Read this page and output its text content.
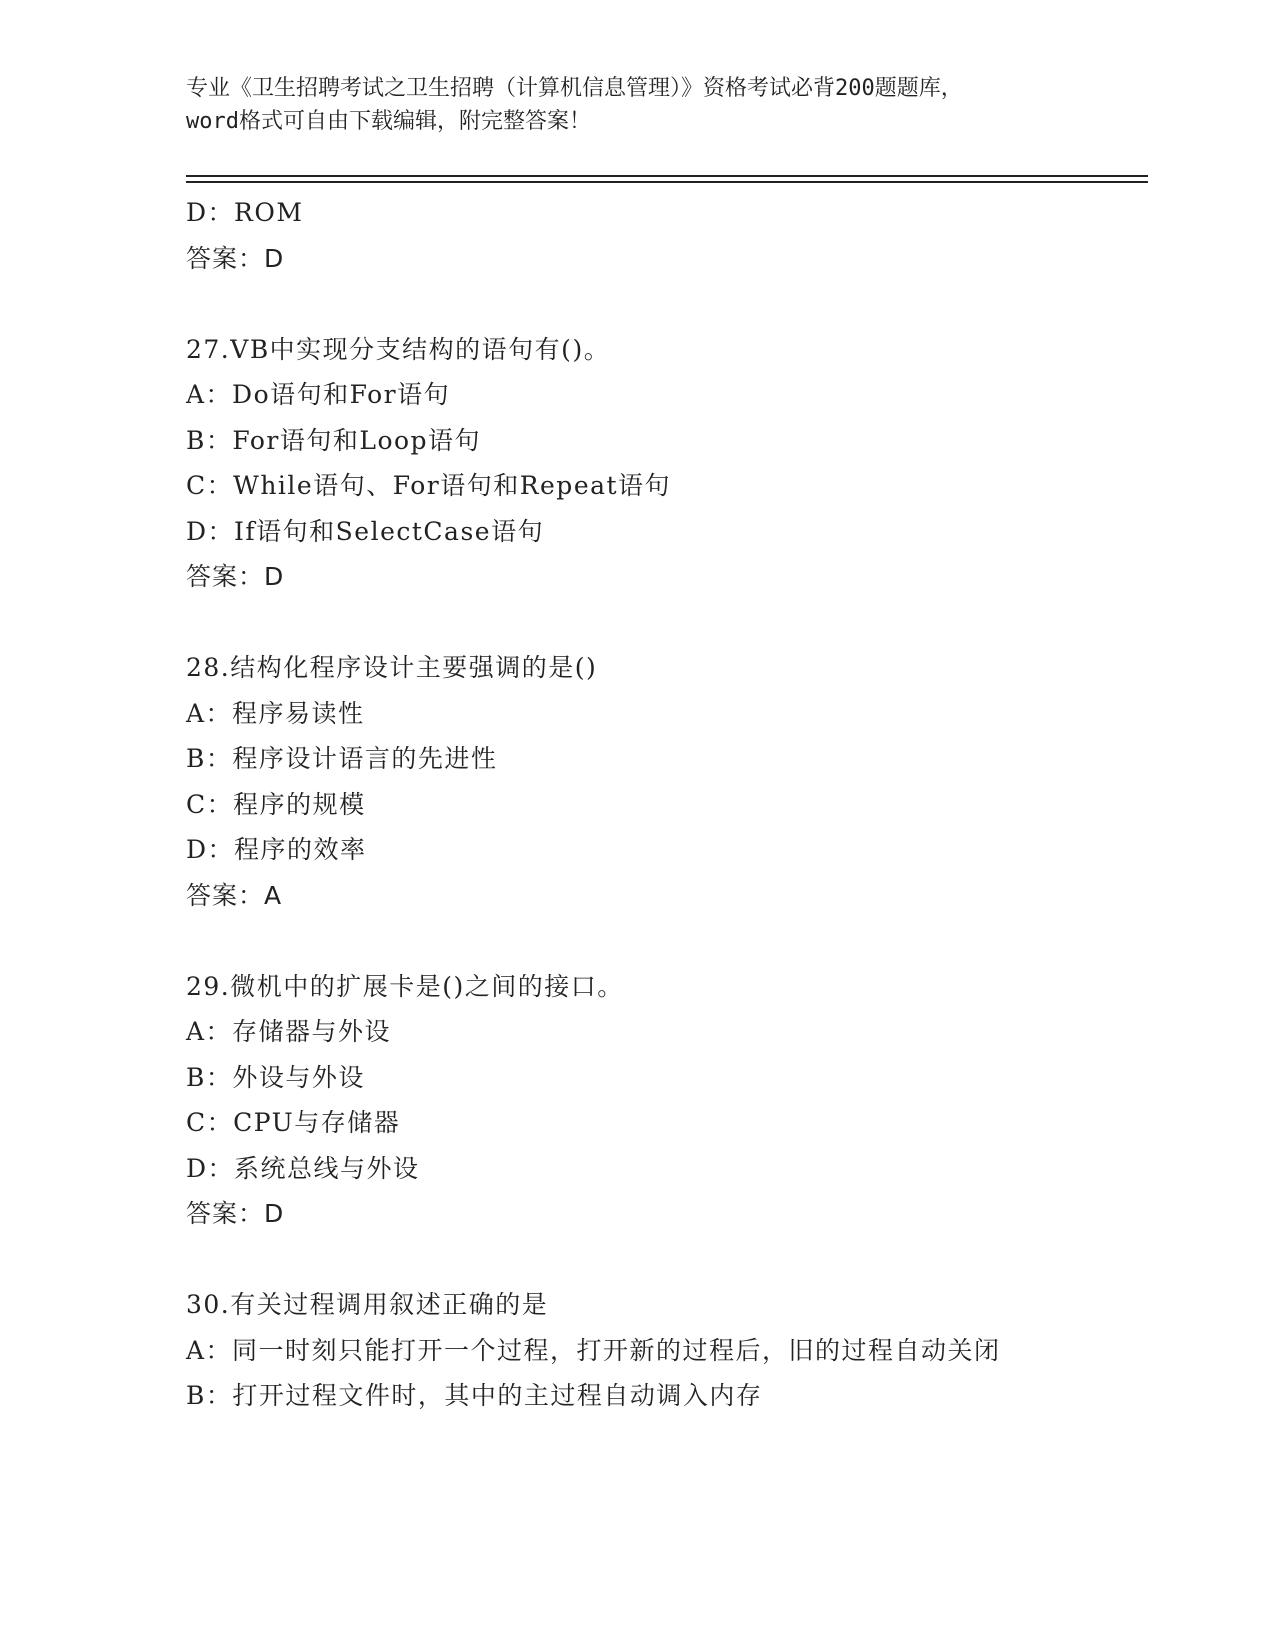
专业《卫生招聘考试之卫生招聘（计算机信息管理）》资格考试必背200题题库，
word格式可自由下载编辑，附完整答案！
D：ROM
答案：D
27.VB中实现分支结构的语句有()。
A：Do语句和For语句
B：For语句和Loop语句
C：While语句、For语句和Repeat语句
D：If语句和SelectCase语句
答案：D
28.结构化程序设计主要强调的是()
A：程序易读性
B：程序设计语言的先进性
C：程序的规模
D：程序的效率
答案：A
29.微机中的扩展卡是()之间的接口。
A：存储器与外设
B：外设与外设
C：CPU与存储器
D：系统总线与外设
答案：D
30.有关过程调用叙述正确的是
A：同一时刻只能打开一个过程，打开新的过程后，旧的过程自动关闭
B：打开过程文件时，其中的主过程自动调入内存
